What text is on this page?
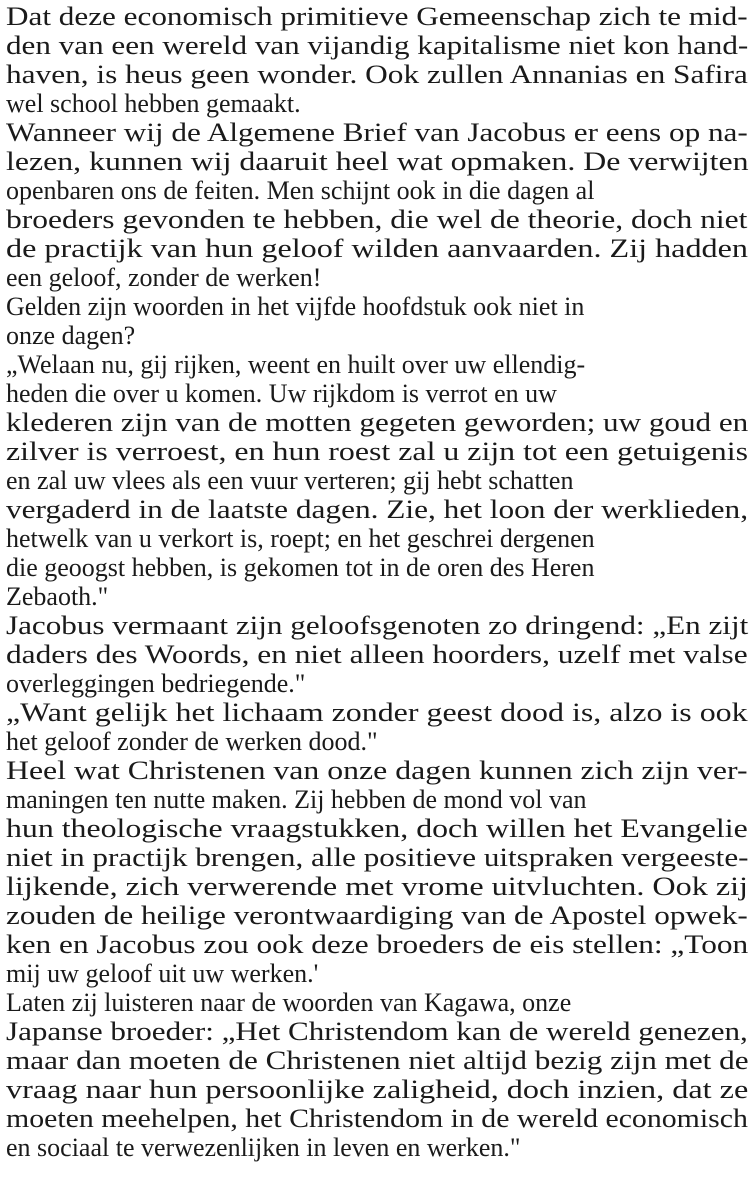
Dat deze economisch primitieve Gemeenschap zich te mid-
den van een wereld van vijandig kapitalisme niet kon hand-
haven, is heus geen wonder. Ook zullen Annanias en Safira
wel school hebben gemaakt.
Wanneer wij de Algemene Brief van Jacobus er eens op na-
lezen, kunnen wij daaruit heel wat opmaken. De verwijten
openbaren ons de feiten. Men schijnt ook in die dagen al
broeders gevonden te hebben, die wel de theorie, doch niet
de practijk van hun geloof wilden aanvaarden. Zij hadden
een geloof, zonder de werken!
Gelden zijn woorden in het vijfde hoofdstuk ook niet in
onze dagen?
„Welaan nu, gij rijken, weent en huilt over uw ellendig-
heden die over u komen. Uw rijkdom is verrot en uw
klederen zijn van de motten gegeten geworden; uw goud en
zilver is verroest, en hun roest zal u zijn tot een getuigenis
en zal uw vlees als een vuur verteren; gij hebt schatten
vergaderd in de laatste dagen. Zie, het loon der werklieden,
hetwelk van u verkort is, roept; en het geschrei dergenen
die geoogst hebben, is gekomen tot in de oren des Heren
Zebaoth."
Jacobus vermaant zijn geloofsgenoten zo dringend: „En zijt
daders des Woords, en niet alleen hoorders, uzelf met valse
overleggingen bedriegende."
„Want gelijk het lichaam zonder geest dood is, alzo is ook
het geloof zonder de werken dood."
Heel wat Christenen van onze dagen kunnen zich zijn ver-
maningen ten nutte maken. Zij hebben de mond vol van
hun theologische vraagstukken, doch willen het Evangelie
niet in practijk brengen, alle positieve uitspraken vergeeste-
lijkende, zich verwerende met vrome uitvluchten. Ook zij
zouden de heilige verontwaardiging van de Apostel opwek-
ken en Jacobus zou ook deze broeders de eis stellen: „Toon
mij uw geloof uit uw werken.'
Laten zij luisteren naar de woorden van Kagawa, onze
Japanse broeder: „Het Christendom kan de wereld genezen,
maar dan moeten de Christenen niet altijd bezig zijn met de
vraag naar hun persoonlijke zaligheid, doch inzien, dat ze
moeten meehelpen, het Christendom in de wereld economisch
en sociaal te verwezenlijken in leven en werken."
